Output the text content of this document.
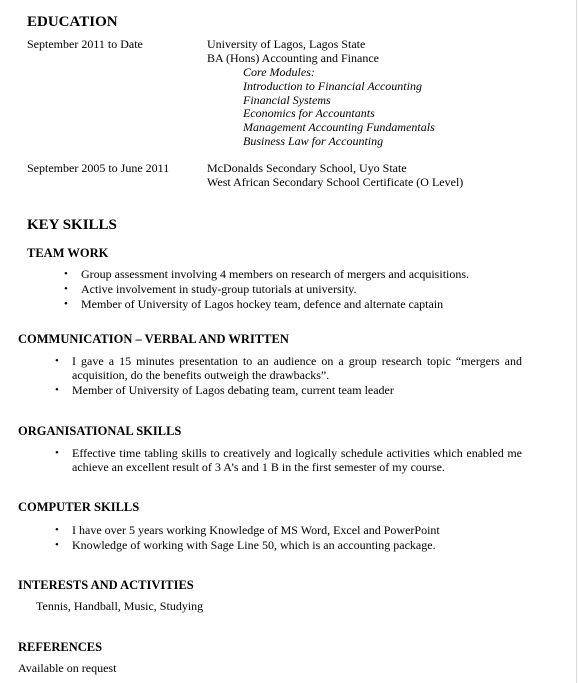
EDUCATION
September 2011 to Date	University of Lagos, Lagos State
BA (Hons) Accounting and Finance
Core Modules:
Introduction to Financial Accounting
Financial Systems
Economics for Accountants
Management Accounting Fundamentals
Business Law for Accounting
September 2005 to June 2011	McDonalds Secondary School, Uyo State
West African Secondary School Certificate (O Level)
KEY SKILLS
TEAM WORK
• Group assessment involving 4 members on research of mergers and acquisitions.
• Active involvement in study-group tutorials at university.
• Member of University of Lagos hockey team, defence and alternate captain
COMMUNICATION – VERBAL AND WRITTEN
• I gave a 15 minutes presentation to an audience on a group research topic “mergers and
acquisition, do the benefits outweigh the drawbacks”.
• Member of University of Lagos debating team, current team leader
ORGANISATIONAL SKILLS
• Effective time tabling skills to creatively and logically schedule activities which enabled me
achieve an excellent result of 3 A’s and 1 B in the first semester of my course.
COMPUTER SKILLS
• I have over 5 years working Knowledge of MS Word, Excel and PowerPoint
• Knowledge of working with Sage Line 50, which is an accounting package.
INTERESTS AND ACTIVITIES
Tennis, Handball, Music, Studying
REFERENCES
Available on request
